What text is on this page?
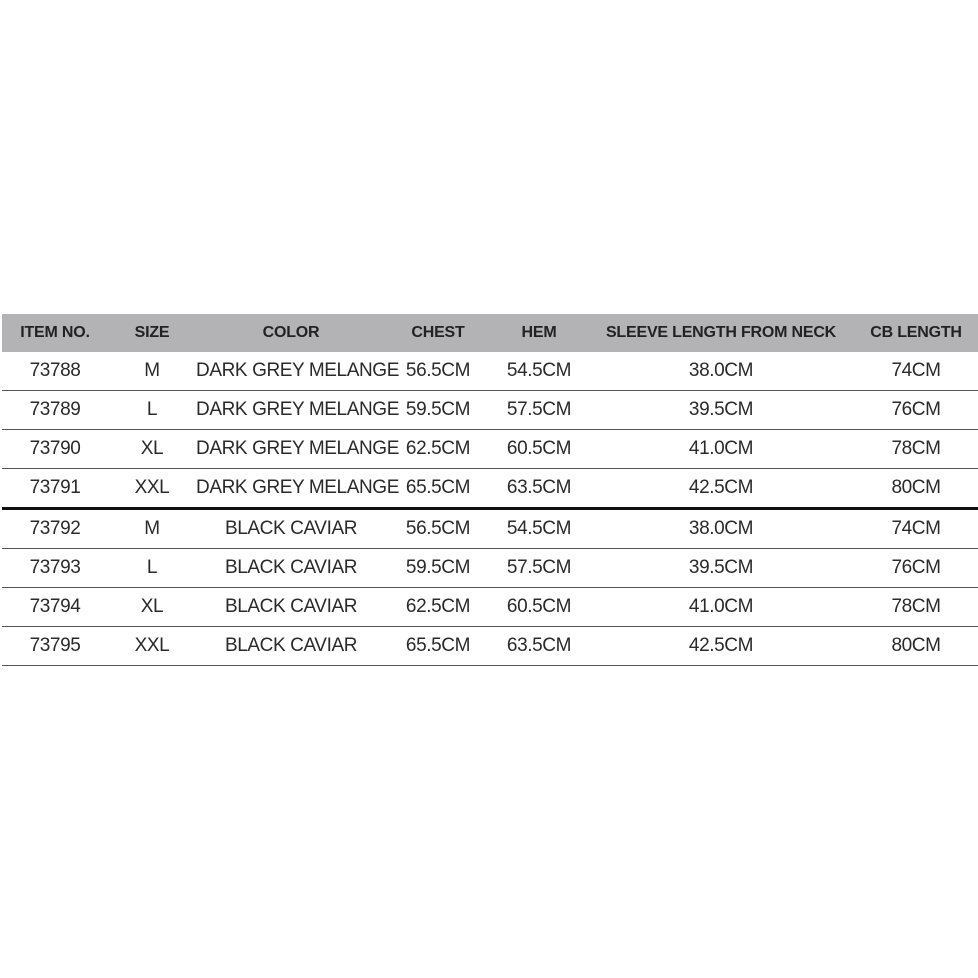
ITEM NO.	SIZE	COLOR	CHEST	HEM	SLEEVE LENGTH FROM NECK	CB LENGTH
73788	M	DARK GREY MELANGE	56.5CM	54.5CM	38.0CM	74CM
73789	L	DARK GREY MELANGE	59.5CM	57.5CM	39.5CM	76CM
73790	XL	DARK GREY MELANGE	62.5CM	60.5CM	41.0CM	78CM
73791	XXL	DARK GREY MELANGE	65.5CM	63.5CM	42.5CM	80CM
73792	M	BLACK CAVIAR	56.5CM	54.5CM	38.0CM	74CM
73793	L	BLACK CAVIAR	59.5CM	57.5CM	39.5CM	76CM
73794	XL	BLACK CAVIAR	62.5CM	60.5CM	41.0CM	78CM
73795	XXL	BLACK CAVIAR	65.5CM	63.5CM	42.5CM	80CM
